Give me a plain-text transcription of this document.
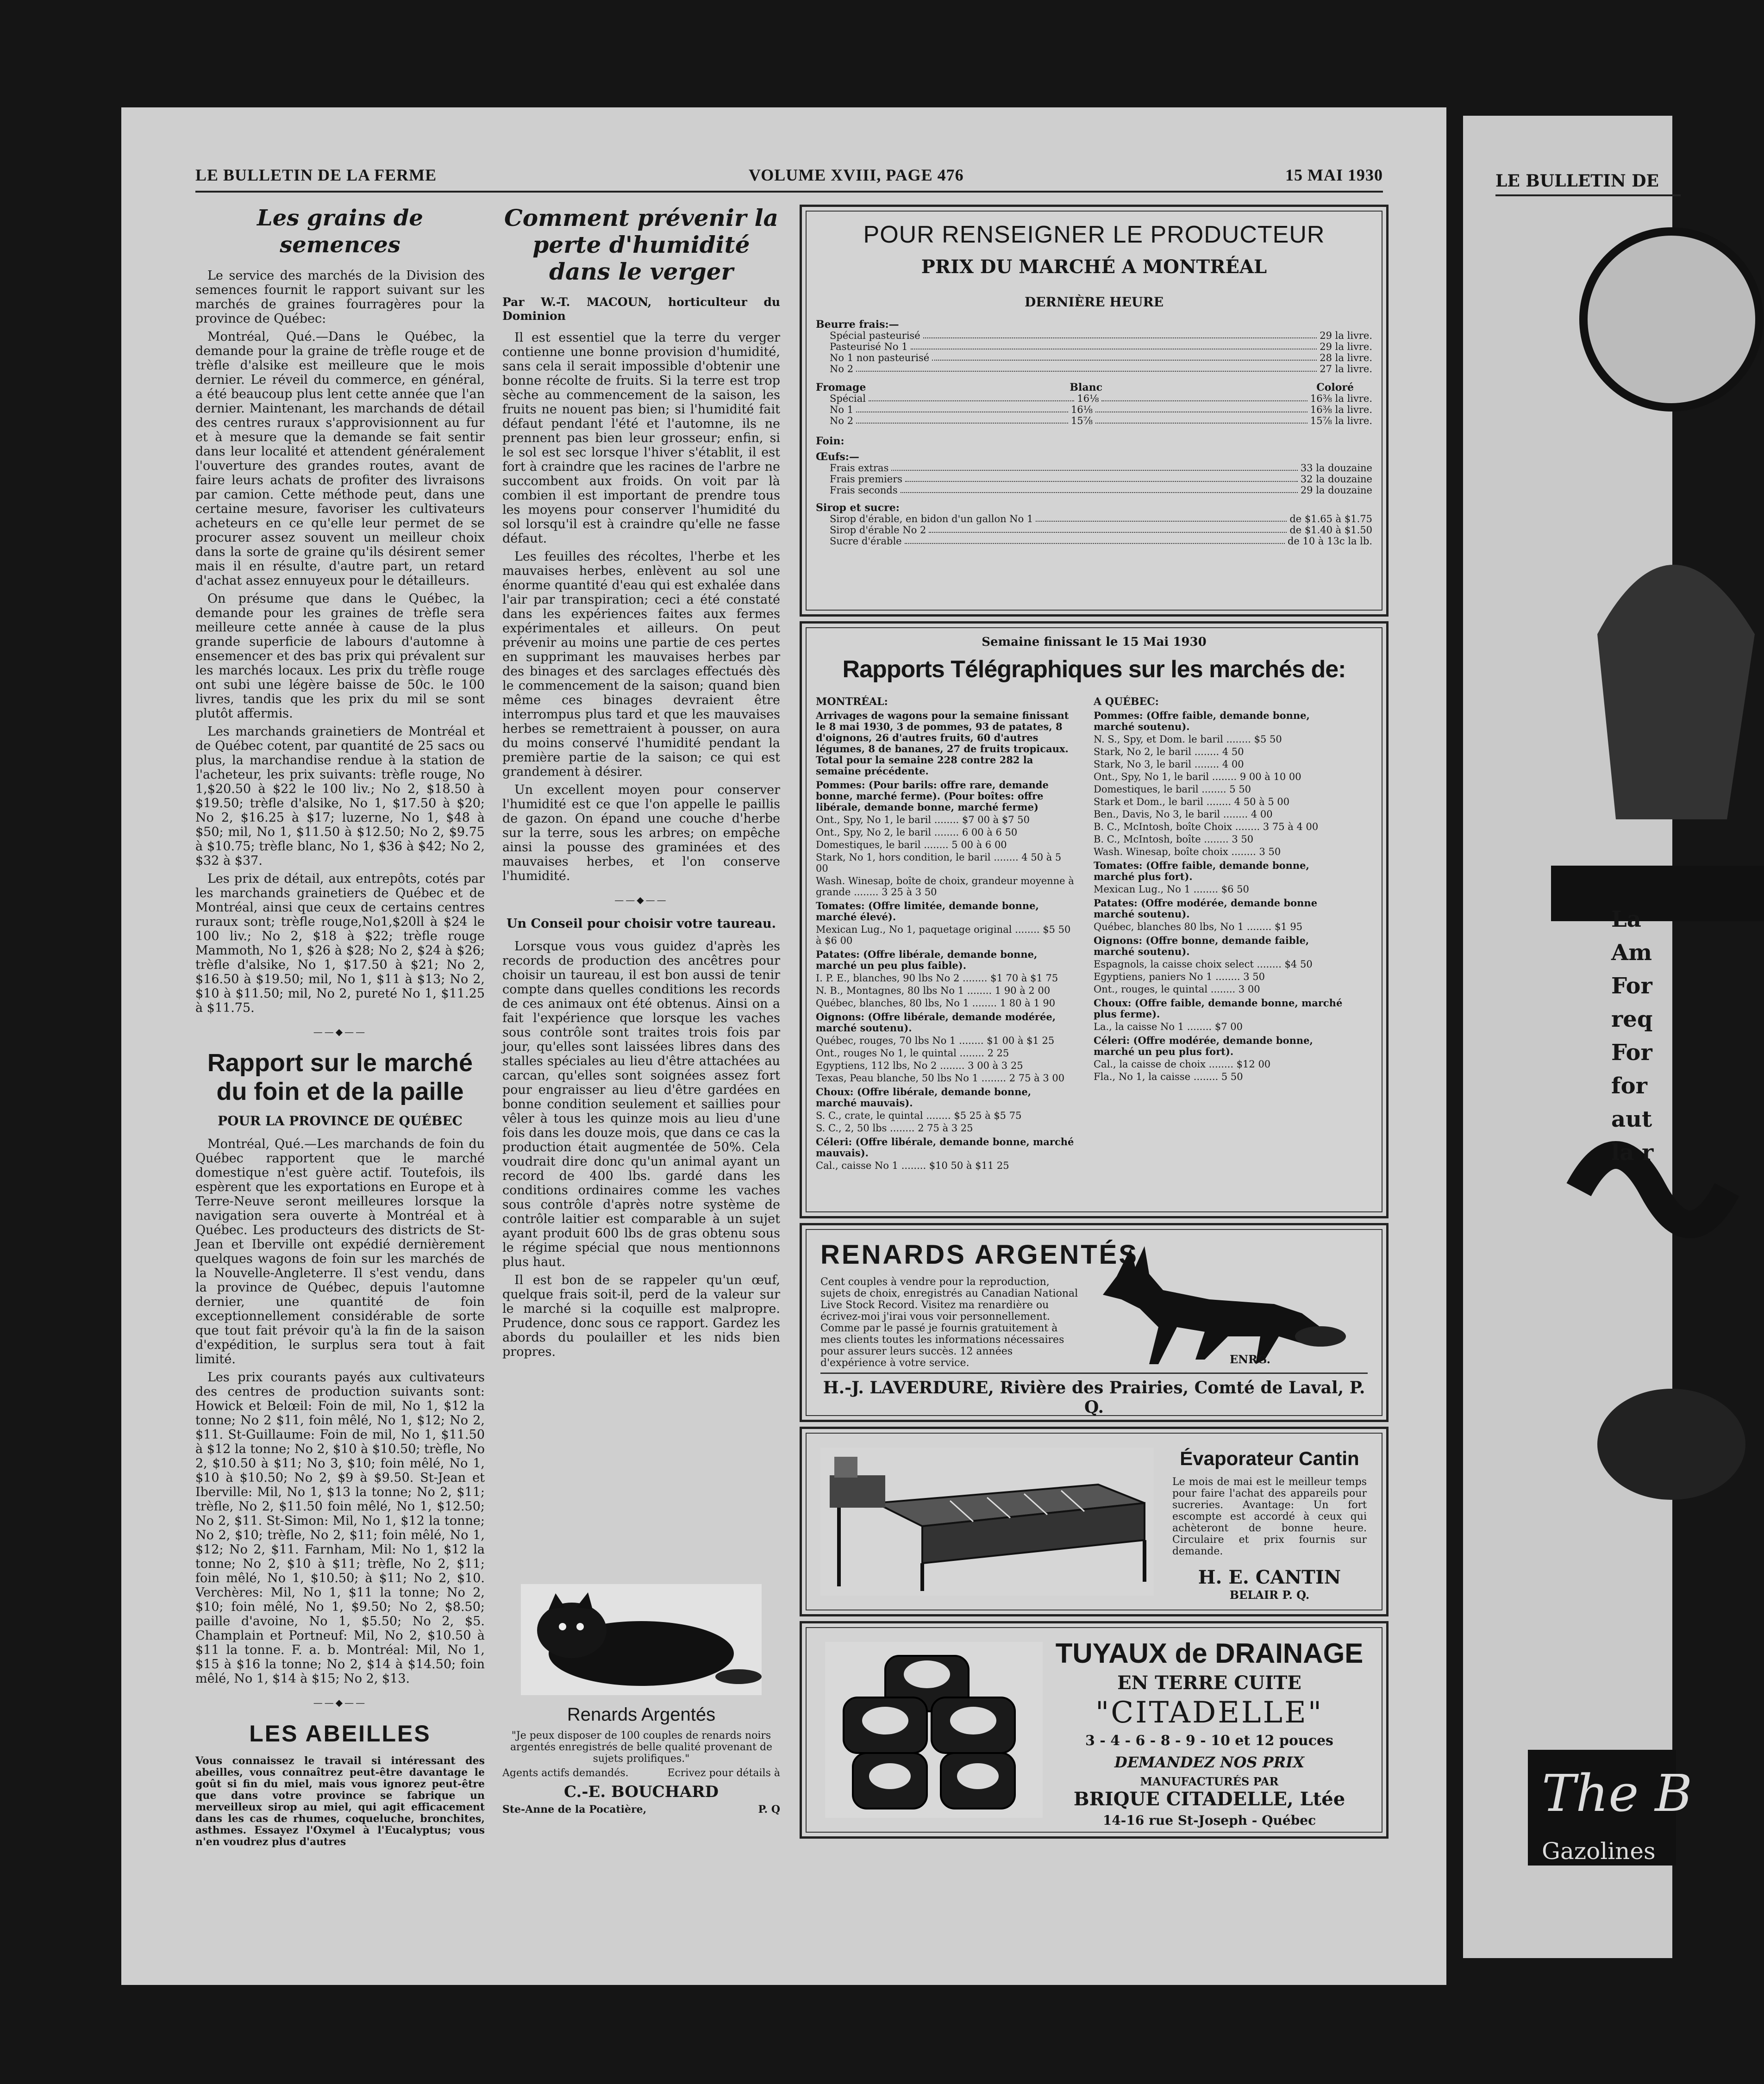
LE BULLETIN DE LA FERME	VOLUME XVIII, PAGE 476	15 MAI 1930
Les grains de semences

Le service des marchés de la Division des semences fournit le rapport suivant sur les marchés de graines fourragères pour la province de Québec:

Montréal, Qué.—Dans le Québec, la demande pour la graine de trèfle rouge et de trèfle d'alsike est meilleure que le mois dernier. Le réveil du commerce, en général, a été beaucoup plus lent cette année que l'an dernier. Maintenant, les marchands de détail des centres ruraux s'approvisionnent au fur et à mesure que la demande se fait sentir dans leur localité et attendent généralement l'ouverture des grandes routes, avant de faire leurs achats de profiter des livraisons par camion. Cette méthode peut, dans une certaine mesure, favoriser les cultivateurs acheteurs en ce qu'elle leur permet de se procurer assez souvent un meilleur choix dans la sorte de graine qu'ils désirent semer mais il en résulte, d'autre part, un retard d'achat assez ennuyeux pour le détailleurs.

On présume que dans le Québec, la demande pour les graines de trèfle sera meilleure cette année à cause de la plus grande superficie de labours d'automne à ensemencer et des bas prix qui prévalent sur les marchés locaux. Les prix du trèfle rouge ont subi une légère baisse de 50c. le 100 livres, tandis que les prix du mil se sont plutôt affermis.

Les marchands grainetiers de Montréal et de Québec cotent, par quantité de 25 sacs ou plus, la marchandise rendue à la station de l'acheteur, les prix suivants: trèfle rouge, No 1,$20.50 à $22 le 100 liv.; No 2, $18.50 à $19.50; trèfle d'alsike, No 1, $17.50 à $20; No 2, $16.25 à $17; luzerne, No 1, $48 à $50; mil, No 1, $11.50 à $12.50; No 2, $9.75 à $10.75; trèfle blanc, No 1, $36 à $42; No 2, $32 à $37.

Les prix de détail, aux entrepôts, cotés par les marchands grainetiers de Québec et de Montréal, ainsi que ceux de certains centres ruraux sont; trèfle rouge,No1,$20ll à $24 le 100 liv.; No 2, $18 à $22; trèfle rouge Mammoth, No 1, $26 à $28; No 2, $24 à $26; trèfle d'alsike, No 1, $17.50 à $21; No 2, $16.50 à $19.50; mil, No 1, $11 à $13; No 2, $10 à $11.50; mil, No 2, pureté No 1, $11.25 à $11.75.

——◆——
Rapport sur le marché du foin et de la paille
POUR LA PROVINCE DE QUÉBEC

Montréal, Qué.—Les marchands de foin du Québec rapportent que le marché domestique n'est guère actif. Toutefois, ils espèrent que les exportations en Europe et à Terre-Neuve seront meilleures lorsque la navigation sera ouverte à Montréal et à Québec. Les producteurs des districts de St-Jean et Iberville ont expédié dernièrement quelques wagons de foin sur les marchés de la Nouvelle-Angleterre. Il s'est vendu, dans la province de Québec, depuis l'automne dernier, une quantité de foin exceptionnellement considérable de sorte que tout fait prévoir qu'à la fin de la saison d'expédition, le surplus sera tout à fait limité.

Les prix courants payés aux cultivateurs des centres de production suivants sont: Howick et Belœil: Foin de mil, No 1, $12 la tonne; No 2 $11, foin mêlé, No 1, $12; No 2, $11. St-Guillaume: Foin de mil, No 1, $11.50 à $12 la tonne; No 2, $10 à $10.50; trèfle, No 2, $10.50 à $11; No 3, $10; foin mêlé, No 1, $10 à $10.50; No 2, $9 à $9.50. St-Jean et Iberville: Mil, No 1, $13 la tonne; No 2, $11; trèfle, No 2, $11.50 foin mêlé, No 1, $12.50; No 2, $11. St-Simon: Mil, No 1, $12 la tonne; No 2, $10; trèfle, No 2, $11; foin mêlé, No 1, $12; No 2, $11. Farnham, Mil: No 1, $12 la tonne; No 2, $10 à $11; trèfle, No 2, $11; foin mêlé, No 1, $10.50; à $11; No 2, $10. Verchères: Mil, No 1, $11 la tonne; No 2, $10; foin mêlé, No 1, $9.50; No 2, $8.50; paille d'avoine, No 1, $5.50; No 2, $5. Champlain et Portneuf: Mil, No 2, $10.50 à $11 la tonne. F. a. b. Montréal: Mil, No 1, $15 à $16 la tonne; No 2, $14 à $14.50; foin mêlé, No 1, $14 à $15; No 2, $13.

——◆——
LES ABEILLES
Vous connaissez le travail si intéressant des abeilles, vous connaîtrez peut-être davantage le goût si fin du miel, mais vous ignorez peut-être que dans votre province se fabrique un merveilleux sirop au miel, qui agit efficacement dans les cas de rhumes, coqueluche, bronchites, asthmes. Essayez l'Oxymel à l'Eucalyptus; vous n'en voudrez plus d'autres
Comment prévenir la perte d'humidité dans le verger
Par W.-T. MACOUN, horticulteur du Dominion

Il est essentiel que la terre du verger contienne une bonne provision d'humidité, sans cela il serait impossible d'obtenir une bonne récolte de fruits. Si la terre est trop sèche au commencement de la saison, les fruits ne nouent pas bien; si l'humidité fait défaut pendant l'été et l'automne, ils ne prennent pas bien leur grosseur; enfin, si le sol est sec lorsque l'hiver s'établit, il est fort à craindre que les racines de l'arbre ne succombent aux froids. On voit par là combien il est important de prendre tous les moyens pour conserver l'humidité du sol lorsqu'il est à craindre qu'elle ne fasse défaut.

Les feuilles des récoltes, l'herbe et les mauvaises herbes, enlèvent au sol une énorme quantité d'eau qui est exhalée dans l'air par transpiration; ceci a été constaté dans les expériences faites aux fermes expérimentales et ailleurs. On peut prévenir au moins une partie de ces pertes en supprimant les mauvaises herbes par des binages et des sarclages effectués dès le commencement de la saison; quand bien même ces binages devraient être interrompus plus tard et que les mauvaises herbes se remettraient à pousser, on aura du moins conservé l'humidité pendant la première partie de la saison; ce qui est grandement à désirer.

Un excellent moyen pour conserver l'humidité est ce que l'on appelle le paillis de gazon. On épand une couche d'herbe sur la terre, sous les arbres; on empêche ainsi la pousse des graminées et des mauvaises herbes, et l'on conserve l'humidité.

——◆——
Un Conseil pour choisir votre taureau.

Lorsque vous vous guidez d'après les records de production des ancêtres pour choisir un taureau, il est bon aussi de tenir compte dans quelles conditions les records de ces animaux ont été obtenus. Ainsi on a fait l'expérience que lorsque les vaches sous contrôle sont traites trois fois par jour, qu'elles sont laissées libres dans des stalles spéciales au lieu d'être attachées au carcan, qu'elles sont soignées assez fort pour engraisser au lieu d'être gardées en bonne condition seulement et saillies pour vêler à tous les quinze mois au lieu d'une fois dans les douze mois, que dans ce cas la production était augmentée de 50%. Cela voudrait dire donc qu'un animal ayant un record de 400 lbs. gardé dans les conditions ordinaires comme les vaches sous contrôle d'après notre système de contrôle laitier est comparable à un sujet ayant produit 600 lbs de gras obtenu sous le régime spécial que nous mentionnons plus haut.

Il est bon de se rappeler qu'un œuf, quelque frais soit-il, perd de la valeur sur le marché si la coquille est malpropre. Prudence, donc sous ce rapport. Gardez les abords du poulailler et les nids bien propres.

Renards Argentés
"Je peux disposer de 100 couples de renards noirs argentés enregistrés de belle qualité provenant de sujets prolifiques."
Agents actifs demandés.	Ecrivez pour détails à
C.-E. BOUCHARD
Ste-Anne de la Pocatière,	P. Q
POUR RENSEIGNER LE PRODUCTEUR
PRIX DU MARCHÉ A MONTRÉAL
DERNIÈRE HEURE
Beurre frais:—
Spécial pasteurisé	29 la livre.
Pasteurisé No 1	29 la livre.
No 1 non pasteurisé	28 la livre.
No 2	27 la livre.
Fromage	Blanc	Coloré
Spécial	16⅛	16⅜ la livre.
No 1	16⅛	16⅜ la livre.
No 2	15⅞	15⅞ la livre.
Foin:
Œufs:—
Frais extras	33 la douzaine
Frais premiers	32 la douzaine
Frais seconds	29 la douzaine
Sirop et sucre:
Sirop d'érable, en bidon d'un gallon No 1	de $1.65 à $1.75
Sirop d'érable No 2	de $1.40 à $1.50
Sucre d'érable	de 10 à 13c la lb.
Semaine finissant le 15 Mai 1930
Rapports Télégraphiques sur les marchés de:
MONTRÉAL:
Arrivages de wagons pour la semaine finissant le 8 mai 1930, 3 de pommes, 93 de patates, 8 d'oignons, 26 d'autres fruits, 60 d'autres légumes, 8 de bananes, 27 de fruits tropicaux. Total pour la semaine 228 contre 282 la semaine précédente.
Pommes: (Pour barils: offre rare, demande bonne, marché ferme). (Pour boîtes: offre libérale, demande bonne, marché ferme)
Ont., Spy, No 1, le baril ........ $7 00 à $7 50
Ont., Spy, No 2, le baril ........ 6 00 à 6 50
Domestiques, le baril ........ 5 00 à 6 00
Stark, No 1, hors condition, le baril ........ 4 50 à 5 00
Wash. Winesap, boîte de choix, grandeur moyenne à grande ........ 3 25 à 3 50
Tomates: (Offre limitée, demande bonne, marché élevé).
Mexican Lug., No 1, paquetage original ........ $5 50 à $6 00
Patates: (Offre libérale, demande bonne, marché un peu plus faible).
I. P. E., blanches, 90 lbs No 2 ........ $1 70 à $1 75
N. B., Montagnes, 80 lbs No 1 ........ 1 90 à 2 00
Québec, blanches, 80 lbs, No 1 ........ 1 80 à 1 90
Oignons: (Offre libérale, demande modérée, marché soutenu).
Québec, rouges, 70 lbs No 1 ........ $1 00 à $1 25
Ont., rouges No 1, le quintal ........ 2 25
Egyptiens, 112 lbs, No 2 ........ 3 00 à 3 25
Texas, Peau blanche, 50 lbs No 1 ........ 2 75 à 3 00
Choux: (Offre libérale, demande bonne, marché mauvais).
S. C., crate, le quintal ........ $5 25 à $5 75
S. C., 2, 50 lbs ........ 2 75 à 3 25
Céleri: (Offre libérale, demande bonne, marché mauvais).
Cal., caisse No 1 ........ $10 50 à $11 25
A QUÉBEC:
Pommes: (Offre faible, demande bonne, marché soutenu).
N. S., Spy, et Dom. le baril ........ $5 50
Stark, No 2, le baril ........ 4 50
Stark, No 3, le baril ........ 4 00
Ont., Spy, No 1, le baril ........ 9 00 à 10 00
Domestiques, le baril ........ 5 50
Stark et Dom., le baril ........ 4 50 à 5 00
Ben., Davis, No 3, le baril ........ 4 00
B. C., McIntosh, boîte Choix ........ 3 75 à 4 00
B. C., McIntosh, boîte ........ 3 50
Wash. Winesap, boîte choix ........ 3 50
Tomates: (Offre faible, demande bonne, marché plus fort).
Mexican Lug., No 1 ........ $6 50
Patates: (Offre modérée, demande bonne marché soutenu).
Québec, blanches 80 lbs, No 1 ........ $1 95
Oignons: (Offre bonne, demande faible, marché soutenu).
Espagnols, la caisse choix select ........ $4 50
Egyptiens, paniers No 1 ........ 3 50
Ont., rouges, le quintal ........ 3 00
Choux: (Offre faible, demande bonne, marché plus ferme).
La., la caisse No 1 ........ $7 00
Céleri: (Offre modérée, demande bonne, marché un peu plus fort).
Cal., la caisse de choix ........ $12 00
Fla., No 1, la caisse ........ 5 50
RENARDS ARGENTÉS
Cent couples à vendre pour la reproduction, sujets de choix, enregistrés au Canadian National Live Stock Record. Visitez ma renardière ou écrivez-moi j'irai vous voir personnellement. Comme par le passé je fournis gratuitement à mes clients toutes les informations nécessaires pour assurer leurs succès. 12 années d'expérience à votre service.	ENRG.
H.-J. LAVERDURE, Rivière des Prairies, Comté de Laval, P. Q.
Évaporateur Cantin
Le mois de mai est le meilleur temps pour faire l'achat des appareils pour sucreries. Avantage: Un fort escompte est accordé à ceux qui achèteront de bonne heure. Circulaire et prix fournis sur demande.
H. E. CANTIN
BELAIR P. Q.
TUYAUX de DRAINAGE
EN TERRE CUITE
"CITADELLE"
3 - 4 - 6 - 8 - 9 - 10 et 12 pouces
DEMANDEZ NOS PRIX
MANUFACTURÉS PAR
BRIQUE CITADELLE, Ltée
14-16 rue St-Joseph - Québec
LE BULLETIN DE
La
Am
For
req
For
for
aut
la r
The B
Gazolines
